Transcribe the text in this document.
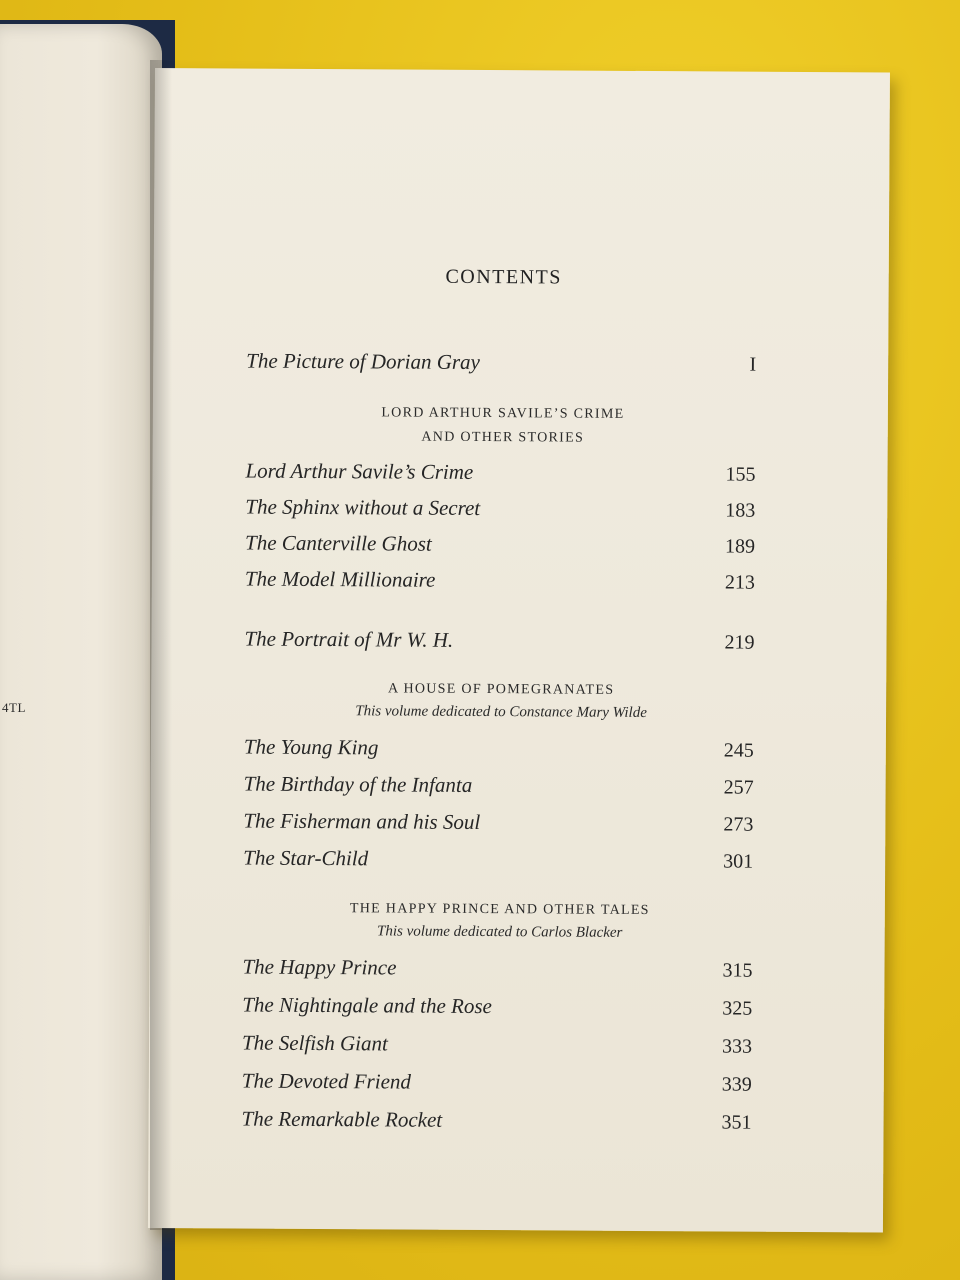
4TL
CONTENTS
The Picture of Dorian Gray	I
LORD ARTHUR SAVILE’S CRIME
AND OTHER STORIES
Lord Arthur Savile’s Crime	155
The Sphinx without a Secret	183
The Canterville Ghost	189
The Model Millionaire	213
The Portrait of Mr W. H.	219
A HOUSE OF POMEGRANATES
This volume dedicated to Constance Mary Wilde
The Young King	245
The Birthday of the Infanta	257
The Fisherman and his Soul	273
The Star-Child	301
THE HAPPY PRINCE AND OTHER TALES
This volume dedicated to Carlos Blacker
The Happy Prince	315
The Nightingale and the Rose	325
The Selfish Giant	333
The Devoted Friend	339
The Remarkable Rocket	351
